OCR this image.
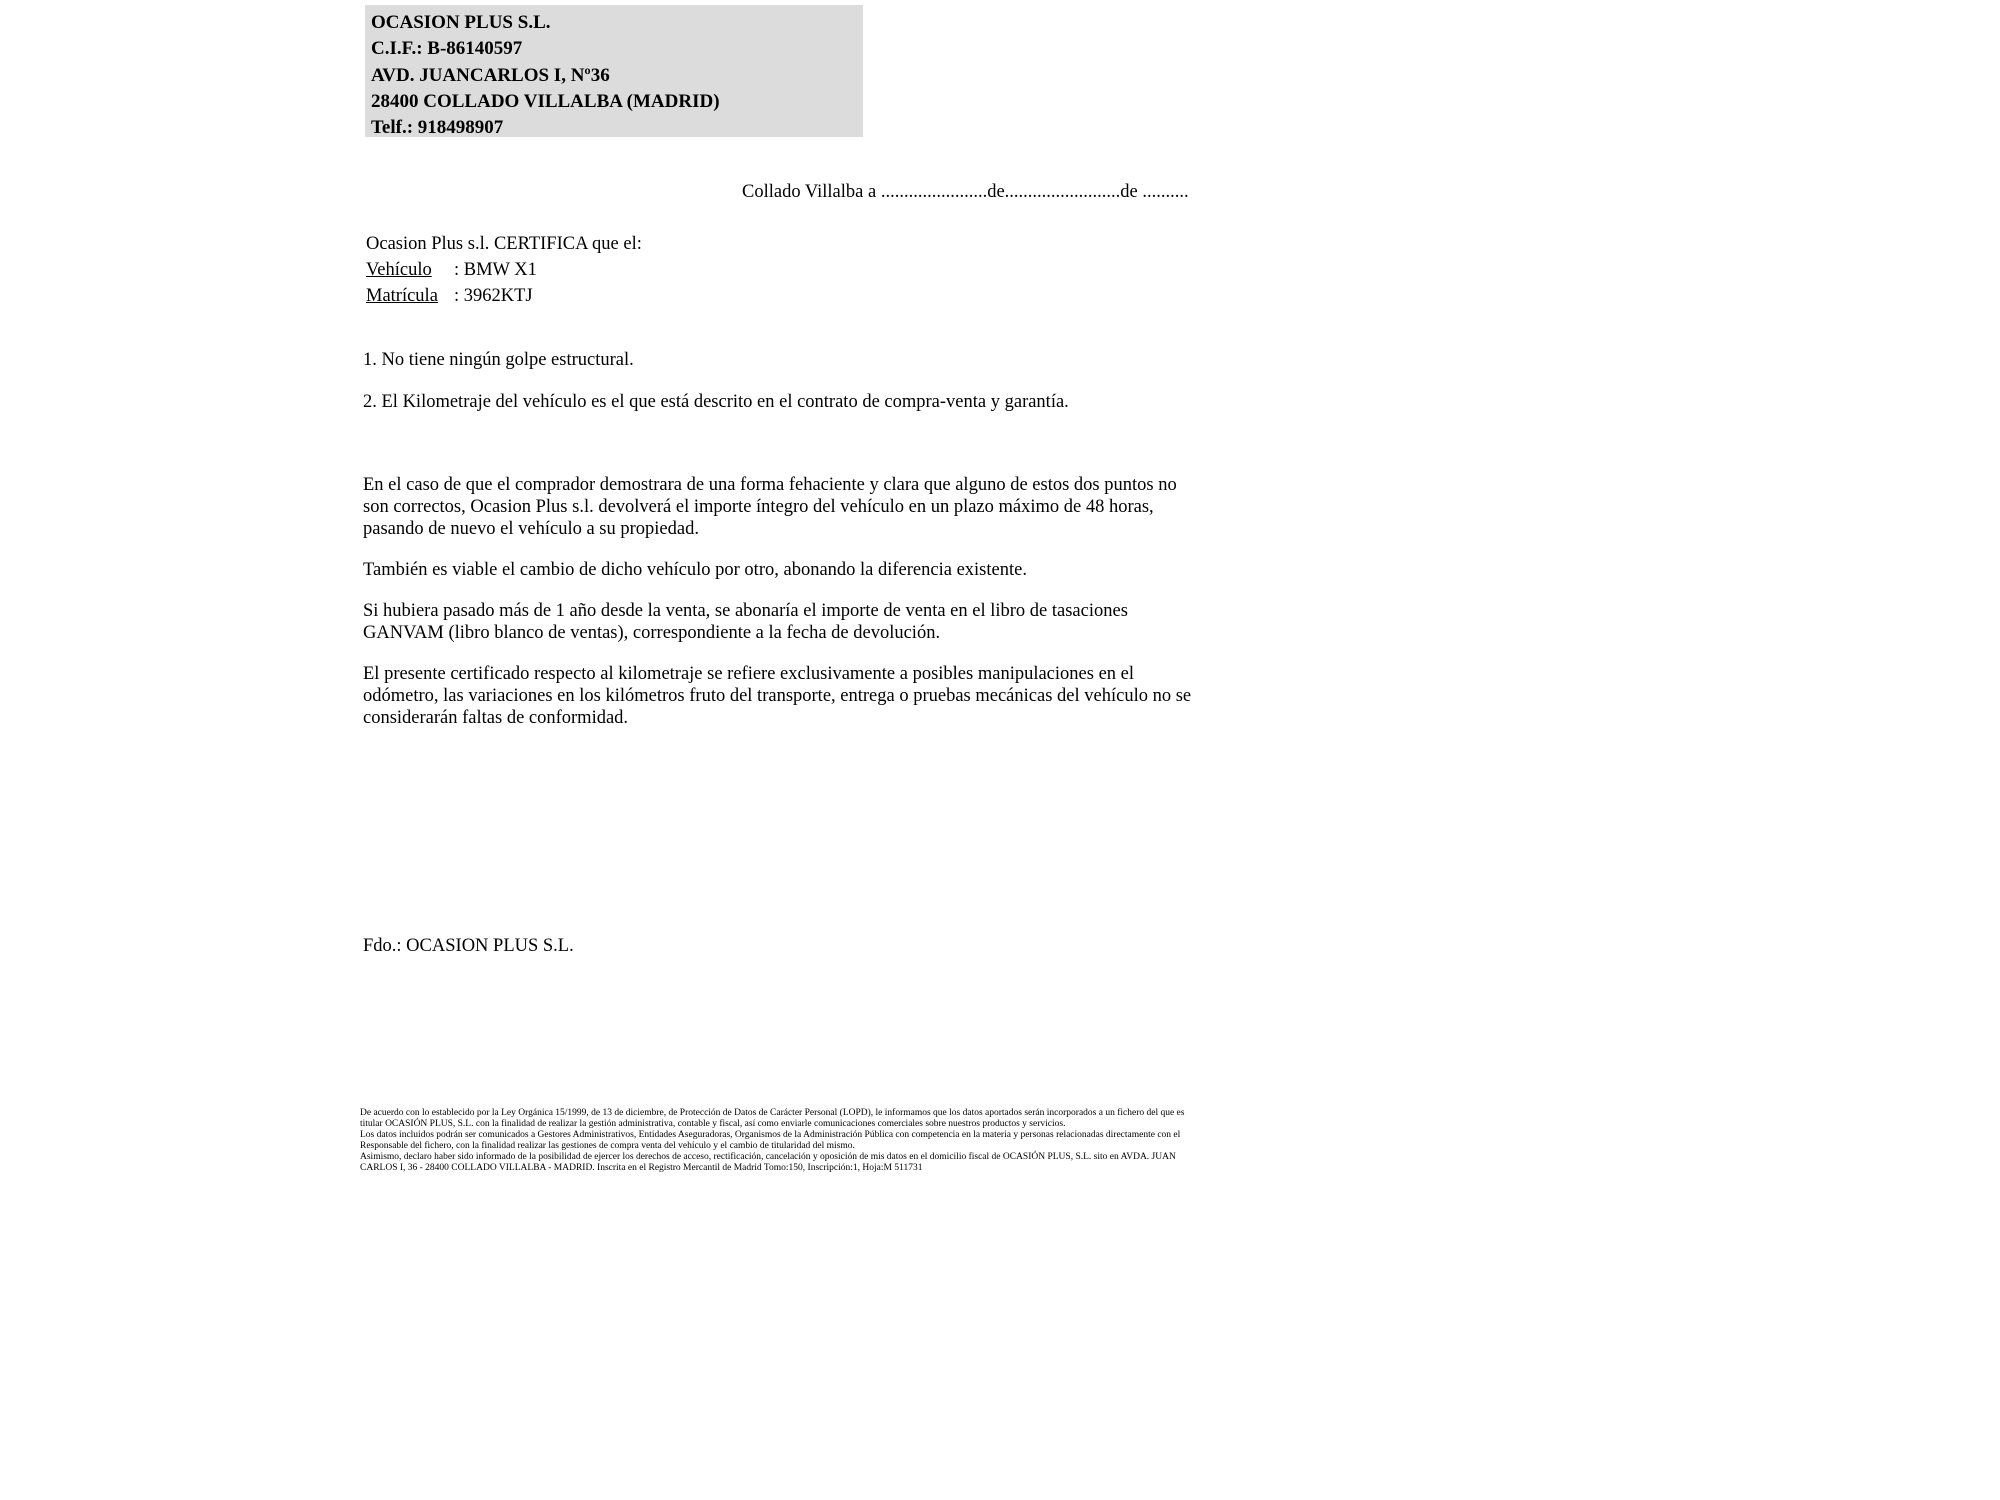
OCASION PLUS S.L.
C.I.F.: B-86140597
AVD. JUANCARLOS I, Nº36
28400 COLLADO VILLALBA (MADRID)
Telf.: 918498907
Collado Villalba a .......................de.........................de ..........
Ocasion Plus s.l. CERTIFICA que el:
Vehículo : BMW X1
Matrícula : 3962KTJ
1. No tiene ningún golpe estructural.
2. El Kilometraje del vehículo es el que está descrito en el contrato de compra-venta y garantía.

En el caso de que el comprador demostrara de una forma fehaciente y clara que alguno de estos dos puntos no son correctos, Ocasion Plus s.l. devolverá el importe íntegro del vehículo en un plazo máximo de 48 horas, pasando de nuevo el vehículo a su propiedad.

También es viable el cambio de dicho vehículo por otro, abonando la diferencia existente.

Si hubiera pasado más de 1 año desde la venta, se abonaría el importe de venta en el libro de tasaciones GANVAM (libro blanco de ventas), correspondiente a la fecha de devolución.

El presente certificado respecto al kilometraje se refiere exclusivamente a posibles manipulaciones en el odómetro, las variaciones en los kilómetros fruto del transporte, entrega o pruebas mecánicas del vehículo no se considerarán faltas de conformidad.

Fdo.: OCASION PLUS S.L.

De acuerdo con lo establecido por la Ley Orgánica 15/1999, de 13 de diciembre, de Protección de Datos de Carácter Personal (LOPD), le informamos que los datos aportados serán incorporados a un fichero del que es titular OCASIÓN PLUS, S.L. con la finalidad de realizar la gestión administrativa, contable y fiscal, así como enviarle comunicaciones comerciales sobre nuestros productos y servicios.

Los datos incluidos podrán ser comunicados a Gestores Administrativos, Entidades Aseguradoras, Organismos de la Administración Pública con competencia en la materia y personas relacionadas directamente con el Responsable del fichero, con la finalidad realizar las gestiones de compra venta del vehículo y el cambio de titularidad del mismo.

Asimismo, declaro haber sido informado de la posibilidad de ejercer los derechos de acceso, rectificación, cancelación y oposición de mis datos en el domicilio fiscal de OCASIÓN PLUS, S.L. sito en AVDA. JUAN CARLOS I, 36 - 28400 COLLADO VILLALBA - MADRID. Inscrita en el Registro Mercantil de Madrid Tomo:150, Inscripción:1, Hoja:M 511731
